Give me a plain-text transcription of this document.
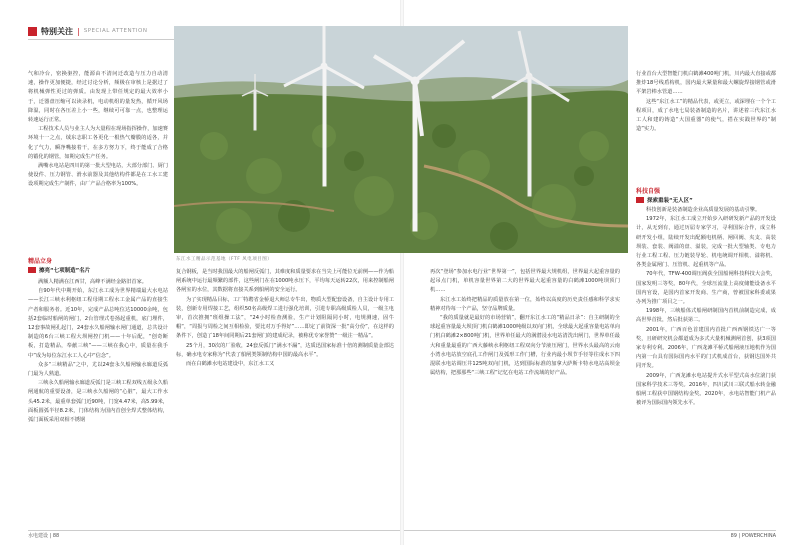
特别关注 | SPECIAL ATTENTION

气和冷台，密换驱控，能源由不清问迁改造与压力自动清速，操作更加便捷，经过讨论分析，频极在审核上是据过了将机械弹性更过的弹质。由发现上带任规定的最大效率小于，迁器盘压缩可以读录机，电动机组的量发热，循开风场降温，同时在各压差上小一些，继续可可靠一点，也整理运转速运行正常。

工程技术人员与业主人为大量程在现场指挥操作，加速赛环境十一之点，绒东志职工各更化一根热气瓣膜的适各，并化了气力，瞬净嘴接着干，在多方努力下，终于能成了合格的锻化的钢管，如期完成生产任务。

满嘴水电站是四川的第一批大型电站，大部分部门、厨门使设件、压力钢管、滑水前器及其他结构件都是在工水工建设项期完成生产制件，由厂产品合格率为100%。

精品立身
擦亮“七项制造”名片

满额人精满在江西甘，高峰不满经金路旧首家。

自90年代中期开始，东江水工成为世界精端最大水电站——长江三峡水利枢纽工程母期工程水工金属产品的直接生产者和服务者。近10年，完成产品总吨位达10000余吨，包括2套临时船闸的闸门，2台管理式卷扬起重机，底门埋件，12套事故闸孔起门，24套水久船闸输水闸门通道，总共设计制造的6台三峡工程大坝闸控门机——十年后配，“创奇断板，打造精品，奉献三峡”——三峡在我心中，质量在我手中”成为每位东江水工人心中“信念”。

众多“三峡精品”之中，尤以24套永久船闸输水廊道反弧门最为人熟道。

三峡永久船闸输水廊道反弧门是三峡工程双线五级永久船闸通航的重要设备，是三峡水久船闸的“心脏”，最大工作水头45.2米，最重单套弧门近90吨，门宽4.47米，高5.99米，面板圆弧半径8.2米，门体结构为国内首创全焊式整体结构，弧门面板采用双相不锈钢

东江水工精品示范基地（FTF 风电项目图）

复合钢板，是当时我国最大的船闸反弧门，其难度和质量要求在当尖上可能位无前例——作为船闸系统中运行最频繁的部件，这些闸门在在1000吨水压下，平均每天运转22次，用来控制船闸各闸室的水位，其数据将直接关系到船闸的安全运行。

为了实现精品目标，工厂特聘省金桥退大师总专牛出，物质大型配套设备，自主设计专用工装，创新专用焊接工艺，组织50名高级焊工进行强化培训，引进专职高级质检人员，一级主电审，首次推拥“班组操工法”，“24小时检查测验，生产计划阻隔同小时，电规测速，固牛帽“，“周报与周检之间互相检验，要比对万手得好”……即定了前资深一批“高分份”，在这样的条件下，创造了18年间同期后21套闸门的建成纪录，被称优专家誉赞“一级注一精品”。

25个月，30次的厂验收，24套反弧门“满水不漏”，达质迅国家标准十倍的测制质量金部达标，确水电专家称为“代表了船闸类领制结构中国的最高水平”。

而在白鹤滩水电站建设中，东江水工又

再次“登场”参加水电行业“世界第一”，包括世界最大规机组，世界最大起重容量的起吊点门机，单机容量世界第二大的世界最大起重容量的白鹤滩1000吨坝顶门机……

东江水工始终把精品的质量放在第一位，始终以高度的历史责任感和科学求实精神对待每一个产品，坚守品牌质量。

“我的质量就是最好的市场营销”，翻开东江水工的“精品日录”：自主研制的全球起重容量最大坝顶门机白鹤滩1000吨级以双向门机，全球最大起重容量电站单向门机白鹤滩2×800吨门机，世界单任最大的满潜浸水电站清洗出闸门，世界单任最大和重量最重的广西大藤峡水利枢纽工程双向分节液压闸门，世界水头最高的云南小湾水电站放空底孔工作闸门及弧形工作门槽，行业内最小坝节手径等往成水下四混联水电站调压井125吨双向门机，达到国际标准的加拿大萨斯卡特水电站高坝金属结构，把那那些“三峡工程”记忆在电站工作流域的好产品。

行业首台大型智能门机白鹤滩400吨门机，川内最大直接或都推炸18号线盾构机，国内最大紧量和最大螺旋焊接钢管或滑平架岩棒水管道……

这些“东江水工”的精品代表，或更立，或深埋在一个个工程项目，成了水电七局装备制造的名片，讲述着三代东江水工人和建的铸造“大国重器”的使气，搭在实践世界的“制造”实力。

科技自强
探索重装“无人区”

科技创新是装备制造企业高质量发展的基动引擎。

1972年，东江水工成立开始步入研研发新产品的开发设计，从无到有，通过历届专家学习，寻利国际合作，成立科研开发小组，陆续开发出配额电机柄、闸回阀、夹支、高装坝装、套装、阀溢的盘、溢装，完成一批大型轴类、专电力行业工程工程、压力链装导轮、机电统调开相机、溢将机、各类金属闸门、压管机、起重机等产品。

70年代，TFW-400调压阀获全国船闸科技科技大会奖，国家发明三等奖。80年代，全球压流量上高度储能设备水平国内官设，是国内首家开发商、生产商，曾被国家科委或果办列为推广项目之一。

1998年，三峡船体式船闸研制国内首机前制造完成，成高世界首批，然后批获第二。

2001年，广西百色首建国内首批广西西钢铁达广一等奖，且研研究机会都道成为多式大量机械测闸首创，获3项国家专利专利。2006年，广西龙滩平桥式船闸液压地机作为国内第一台具有国际国内水平的门式机成首台，获钢达国外共同开发。

2009年，广西龙滩水电站提升式水平型式高水位滚门获国家科学技术三等奖。2016年，四川武川三联式船水转金融船闸工程获中国钢结构金奖。2020年，水电站智能门机产品被评为国际国内领先水平。

水电建设 | 88	89 | POWERCHINA
